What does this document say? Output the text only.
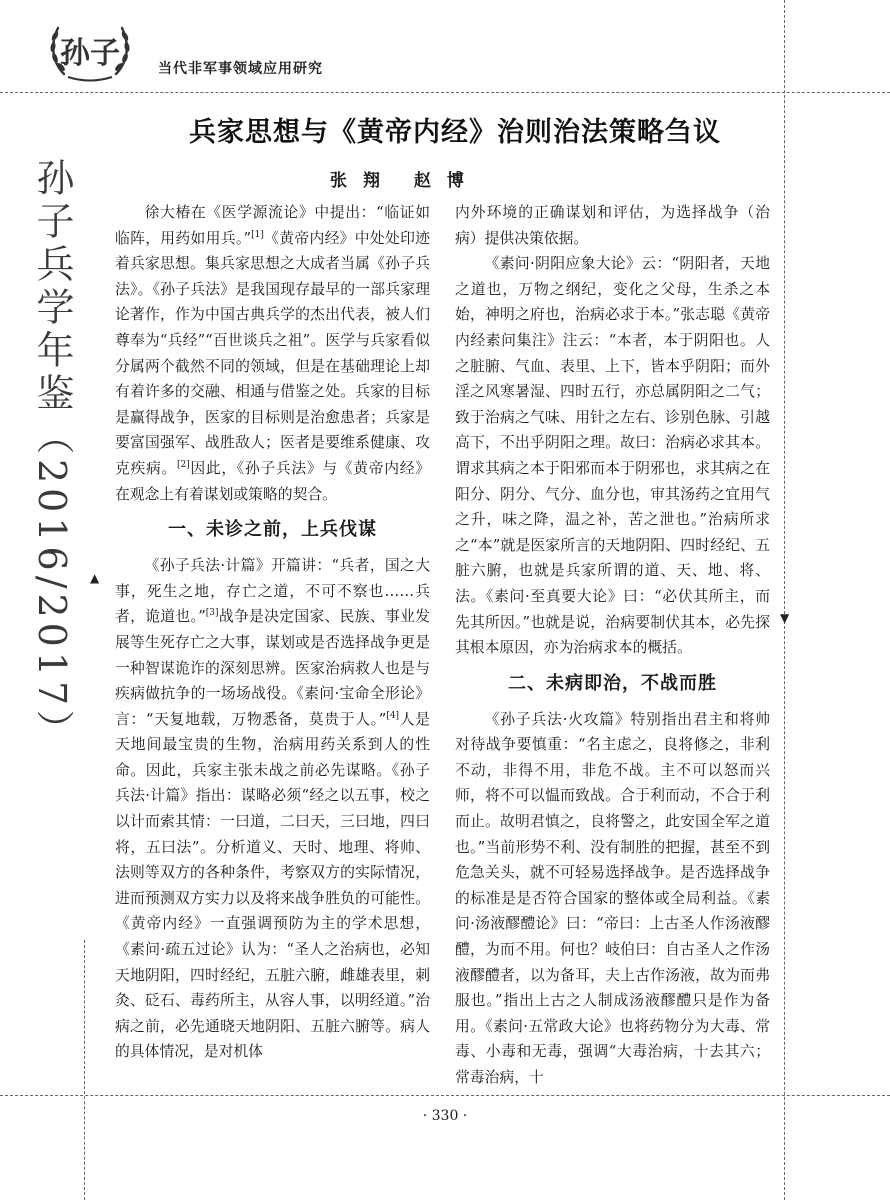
孙子	当代非军事领域应用研究
孙子兵学年鉴（2016/2017） ▲
▼
兵家思想与《黄帝内经》治则治法策略刍议

张翔 赵博

徐大椿在《医学源流论》中提出：“临证如临阵，用药如用兵。”[1]《黄帝内经》中处处印迹着兵家思想。集兵家思想之大成者当属《孙子兵法》。《孙子兵法》是我国现存最早的一部兵家理论著作，作为中国古典兵学的杰出代表，被人们尊奉为“兵经”“百世谈兵之祖”。医学与兵家看似分属两个截然不同的领域，但是在基础理论上却有着许多的交融、相通与借鉴之处。兵家的目标是赢得战争，医家的目标则是治愈患者；兵家是要富国强军、战胜敌人；医者是要维系健康、攻克疾病。[2]因此，《孙子兵法》与《黄帝内经》在观念上有着谋划或策略的契合。

一、未诊之前，上兵伐谋

《孙子兵法·计篇》开篇讲：“兵者，国之大事，死生之地，存亡之道，不可不察也……兵者，诡道也。”[3]战争是决定国家、民族、事业发展等生死存亡之大事，谋划或是否选择战争更是一种智谋诡诈的深刻思辨。医家治病救人也是与疾病做抗争的一场场战役。《素问·宝命全形论》言：“天复地载，万物悉备，莫贵于人。”[4]人是天地间最宝贵的生物，治病用药关系到人的性命。因此，兵家主张未战之前必先谋略。《孙子兵法·计篇》指出：谋略必须“经之以五事，校之以计而索其情：一曰道，二曰天，三曰地，四曰将，五曰法”。分析道义、天时、地理、将帅、法则等双方的各种条件，考察双方的实际情况，进而预测双方实力以及将来战争胜负的可能性。《黄帝内经》一直强调预防为主的学术思想，《素问·疏五过论》认为：“圣人之治病也，必知天地阴阳，四时经纪，五脏六腑，雌雄表里，刺灸、砭石、毒药所主，从容人事，以明经道。”治病之前，必先通晓天地阴阳、五脏六腑等。病人的具体情况，是对机体

内外环境的正确谋划和评估，为选择战争（治病）提供决策依据。

《素问·阴阳应象大论》云：“阴阳者，天地之道也，万物之纲纪，变化之父母，生杀之本始，神明之府也，治病必求于本。”张志聪《黄帝内经素问集注》注云：“本者，本于阴阳也。人之脏腑、气血、表里、上下，皆本乎阴阳；而外淫之风寒暑湿、四时五行，亦总属阴阳之二气；致于治病之气味、用针之左右、诊别色脉、引越高下，不出乎阴阳之理。故曰：治病必求其本。谓求其病之本于阳邪而本于阴邪也，求其病之在阳分、阴分、气分、血分也，审其汤药之宜用气之升，味之降，温之补，苦之泄也。”治病所求之“本”就是医家所言的天地阴阳、四时经纪、五脏六腑，也就是兵家所谓的道、天、地、将、法。《素问·至真要大论》曰：“必伏其所主，而先其所因。”也就是说，治病要制伏其本，必先探其根本原因，亦为治病求本的概括。

二、未病即治，不战而胜

《孙子兵法·火攻篇》特别指出君主和将帅对待战争要慎重：“名主虑之，良将修之，非利不动，非得不用，非危不战。主不可以怒而兴师，将不可以愠而致战。合于利而动，不合于利而止。故明君慎之，良将警之，此安国全军之道也。”当前形势不利、没有制胜的把握，甚至不到危急关头，就不可轻易选择战争。是否选择战争的标准是是否符合国家的整体或全局利益。《素问·汤液醪醴论》曰：“帝曰：上古圣人作汤液醪醴，为而不用。何也？岐伯曰：自古圣人之作汤液醪醴者，以为备耳，夫上古作汤液，故为而弗服也。”指出上古之人制成汤液醪醴只是作为备用。《素问·五常政大论》也将药物分为大毒、常毒、小毒和无毒，强调“大毒治病，十去其六；常毒治病，十

· 330 ·
